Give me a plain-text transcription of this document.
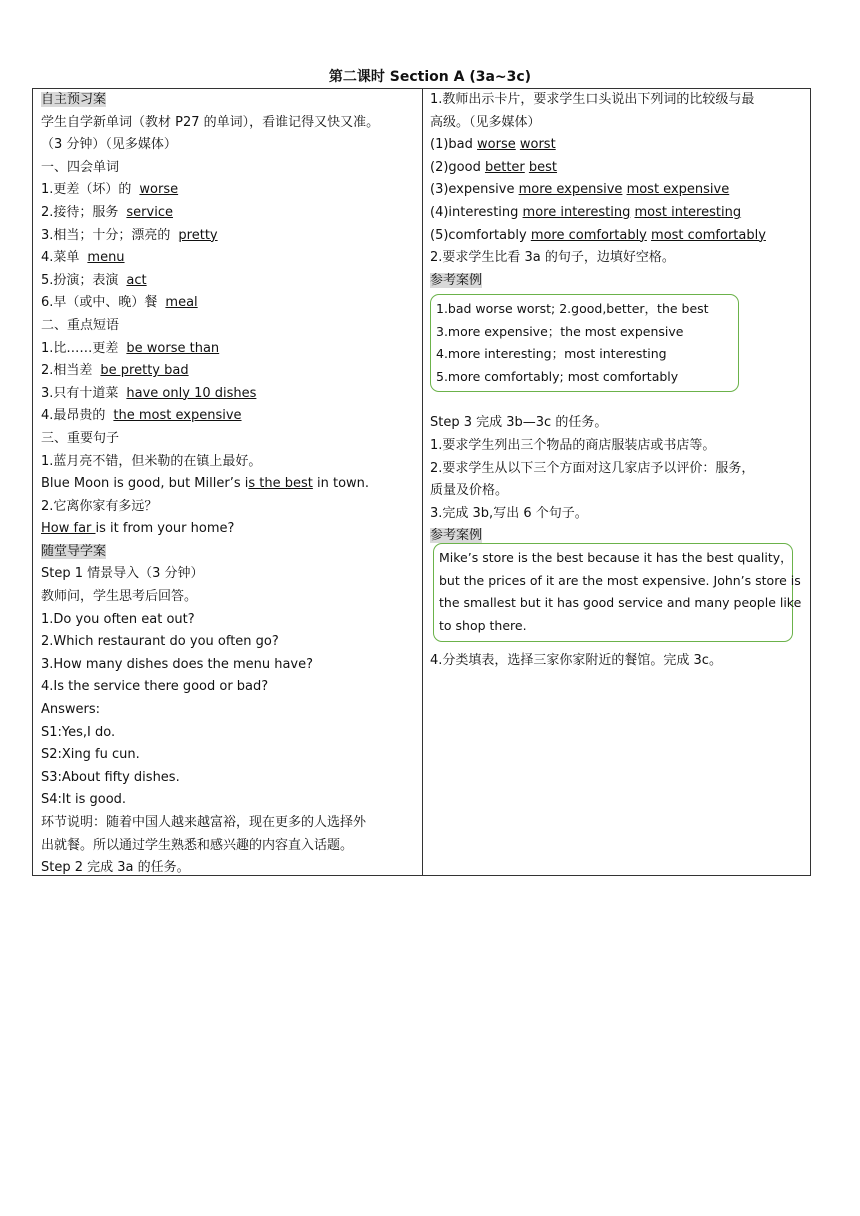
第二课时 Section A (3a~3c)
自主预习案
学生自学新单词（教材 P27 的单词），看谁记得又快又准。
（3 分钟）（见多媒体）
一、四会单词
1.更差（坏）的 worse
2.接待；服务 service
3.相当；十分；漂亮的 pretty
4.菜单 menu
5.扮演；表演 act
6.早（或中、晚）餐 meal
二、重点短语
1.比……更差 be worse than
2.相当差 be pretty bad
3.只有十道菜 have only 10 dishes
4.最昂贵的 the most expensive
三、重要句子
1.蓝月亮不错，但米勒的在镇上最好。
Blue Moon is good, but Miller’s is the best in town.
2.它离你家有多远？
How far is it from your home?
随堂导学案
Step 1 情景导入（3 分钟）
教师问，学生思考后回答。
1.Do you often eat out?
2.Which restaurant do you often go?
3.How many dishes does the menu have?
4.Is the service there good or bad?
Answers:
S1:Yes,I do.
S2:Xing fu cun.
S3:About fifty dishes.
S4:It is good.
环节说明：随着中国人越来越富裕，现在更多的人选择外
出就餐。所以通过学生熟悉和感兴趣的内容直入话题。
Step 2 完成 3a 的任务。
1.教师出示卡片，要求学生口头说出下列词的比较级与最
高级。（见多媒体）
(1)bad worse worst
(2)good better best
(3)expensive more expensive most expensive
(4)interesting more interesting most interesting
(5)comfortably more comfortably most comfortably
2.要求学生比看 3a 的句子，边填好空格。
参考案例
Step 3 完成 3b—3c 的任务。
1.要求学生列出三个物品的商店服装店或书店等。
2.要求学生从以下三个方面对这几家店予以评价：服务，
质量及价格。
3.完成 3b,写出 6 个句子。
参考案例
1.bad worse worst; 2.good,better，the best
3.more expensive；the most expensive
4.more interesting；most interesting
5.more comfortably; most comfortably
Mike’s store is the best because it has the best quality，
but the prices of it are the most expensive. John’s store is
the smallest but it has good service and many people like
to shop there.
4.分类填表，选择三家你家附近的餐馆。完成 3c。
